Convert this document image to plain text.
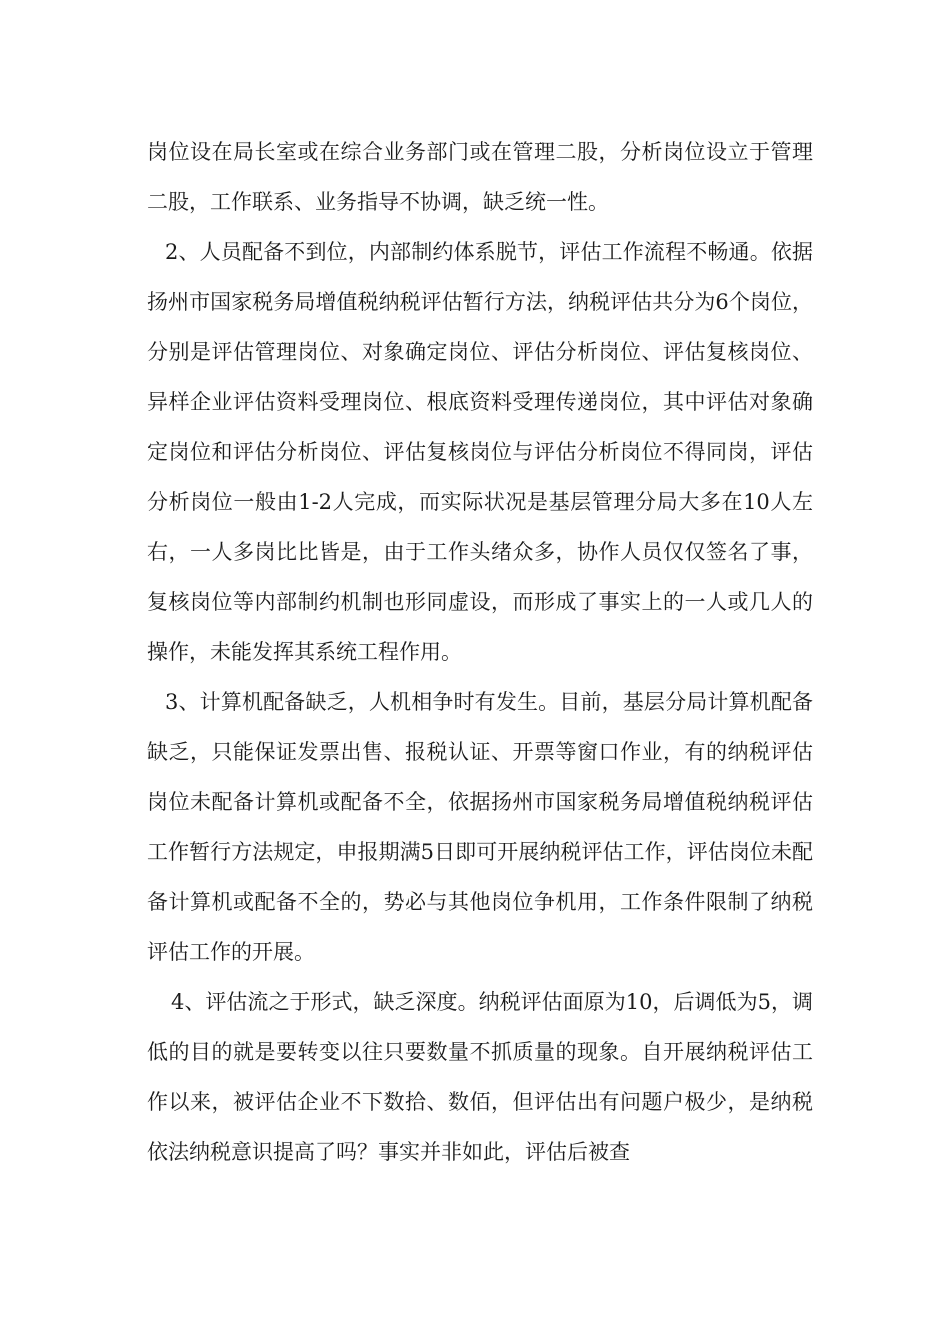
岗位设在局长室或在综合业务部门或在管理二股，分析岗位设立于管理二股，工作联系、业务指导不协调，缺乏统一性。

2、人员配备不到位，内部制约体系脱节，评估工作流程不畅通。依据扬州市国家税务局增值税纳税评估暂行方法，纳税评估共分为6个岗位，分别是评估管理岗位、对象确定岗位、评估分析岗位、评估复核岗位、异样企业评估资料受理岗位、根底资料受理传递岗位，其中评估对象确定岗位和评估分析岗位、评估复核岗位与评估分析岗位不得同岗，评估分析岗位一般由1-2人完成，而实际状况是基层管理分局大多在10人左右，一人多岗比比皆是，由于工作头绪众多，协作人员仅仅签名了事，复核岗位等内部制约机制也形同虚设，而形成了事实上的一人或几人的操作，未能发挥其系统工程作用。

3、计算机配备缺乏，人机相争时有发生。目前，基层分局计算机配备缺乏，只能保证发票出售、报税认证、开票等窗口作业，有的纳税评估岗位未配备计算机或配备不全，依据扬州市国家税务局增值税纳税评估工作暂行方法规定，申报期满5日即可开展纳税评估工作，评估岗位未配备计算机或配备不全的，势必与其他岗位争机用，工作条件限制了纳税评估工作的开展。

4、评估流之于形式，缺乏深度。纳税评估面原为10，后调低为5，调低的目的就是要转变以往只要数量不抓质量的现象。自开展纳税评估工作以来，被评估企业不下数拾、数佰，但评估出有问题户极少，是纳税依法纳税意识提高了吗？事实并非如此，评估后被查
